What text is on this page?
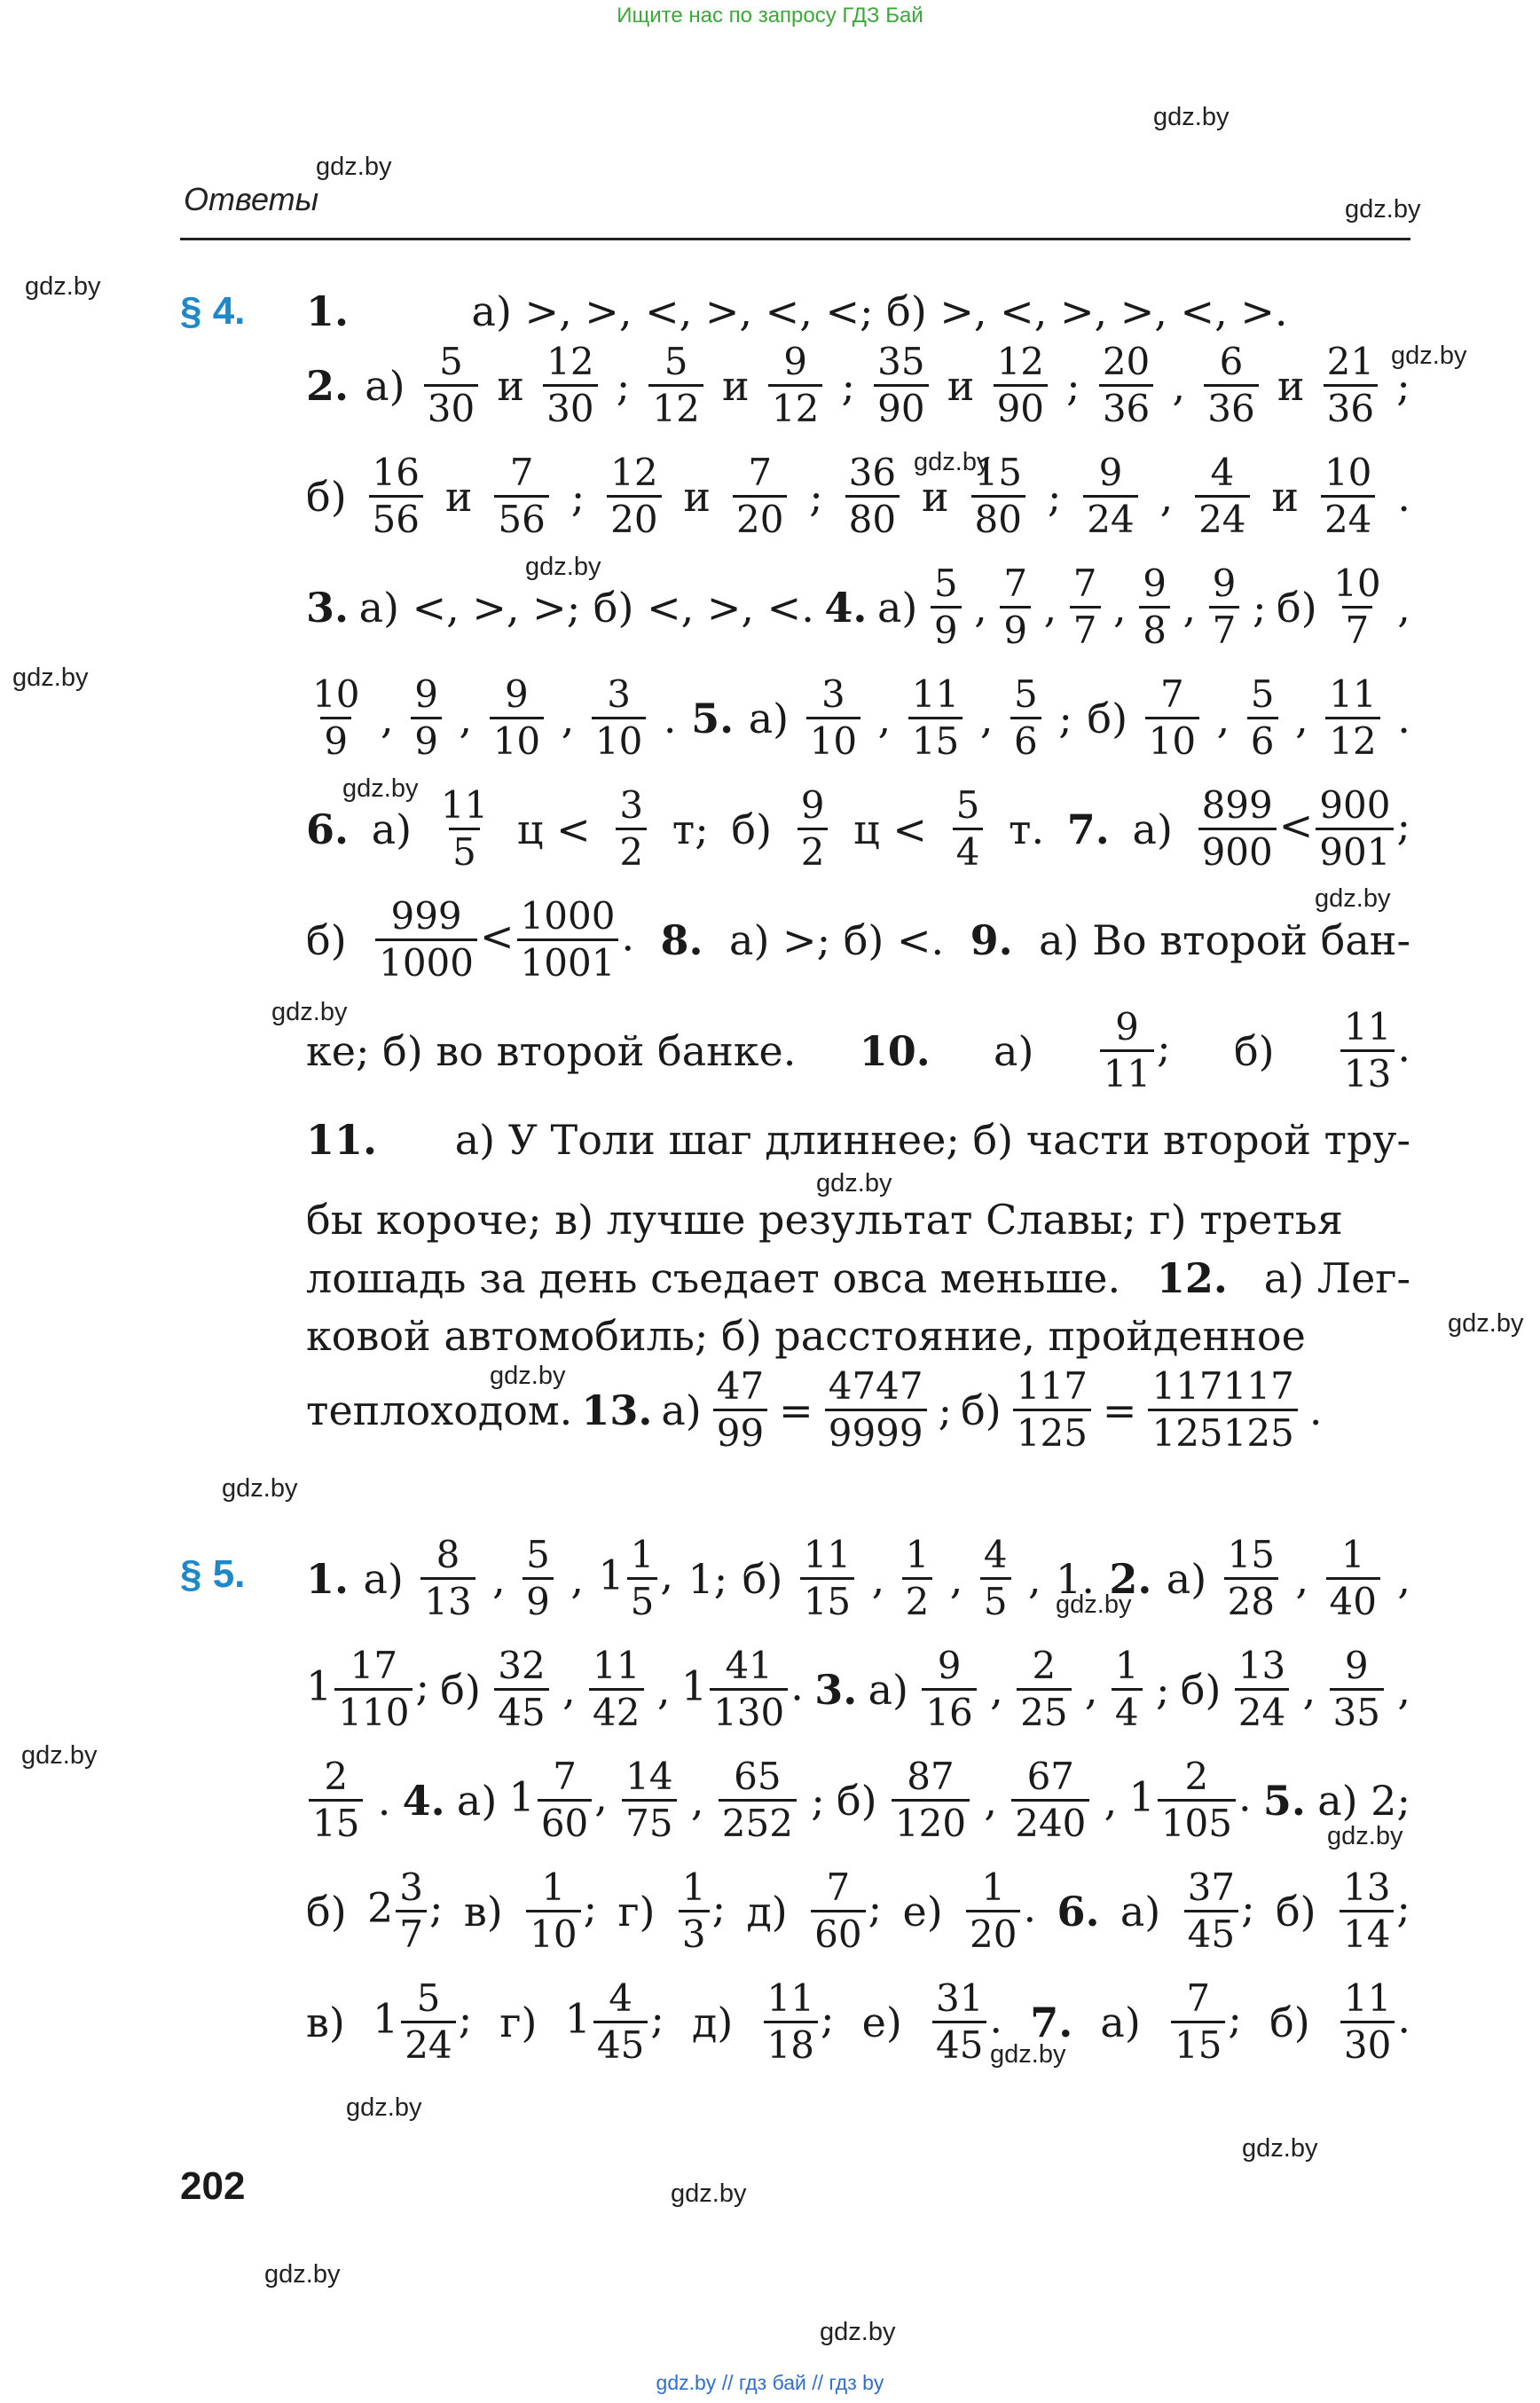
Ищите нас по запросу ГДЗ Бай
gdz.by
gdz.by
gdz.by
gdz.by
gdz.by
gdz.by
gdz.by
gdz.by
gdz.by
gdz.by
gdz.by
gdz.by
gdz.by
gdz.by
gdz.by
gdz.by
gdz.by
gdz.by
gdz.by
gdz.by
gdz.by
gdz.by
gdz.by
gdz.by
Ответы
§ 4. 1.	а) >, >, <, >, <, <; б) >, <, >, >, <, >.
2. $а) \frac{5}{30}$ и $\frac{12}{30}$ ; $\frac{5}{12}$ и $\frac{9}{12}$ ; $\frac{35}{90}$ и $\frac{12}{90}$ ; $\frac{20}{36}$ , $\frac{6}{36}$ и $\frac{21}{36}$ ;
$б) \frac{16}{56}$ и $\frac{7}{56}$ ; $\frac{12}{20}$ и $\frac{7}{20}$ ; $\frac{36}{80}$ и $\frac{15}{80}$ ; $\frac{9}{24}$ , $\frac{4}{24}$ и $\frac{10}{24}$ .
3. а) <, >, >; б) <, >, <. 4. $а) \frac{5}{9}$ , $\frac{7}{9}$ , $\frac{7}{7}$ , $\frac{9}{8}$ , $\frac{9}{7}$ ; $б) \frac{10}{7}$ ,
$\frac{10}{9}$ , $\frac{9}{9}$ , $\frac{9}{10}$ , $\frac{3}{10}$ . 5. $а) \frac{3}{10}$ , $\frac{11}{15}$ , $\frac{5}{6}$ ; $б) \frac{7}{10}$ , $\frac{5}{6}$ , $\frac{11}{12}$ .
6. $а) \frac{11}{5}$ $ц < \frac{3}{2} т$; $б) \frac{9}{2}$ $ц < \frac{5}{4} т$. 7. $а) \frac{899}{900} < \frac{900}{901}$ ;
$б) \frac{999}{1000} < \frac{1000}{1001}$ . 8. а) >; б) <. 9. а) Во второй бан-
ке; б) во второй банке. 10. $а) \frac{9}{11}$ ; $б) \frac{11}{13}$ .
11. а) У Толи шаг длиннее; б) части второй тру-
бы короче; в) лучше результат Славы; г) третья
лошадь за день съедает овса меньше. 12. а) Лег-
ковой автомобиль; б) расстояние, пройденное
теплоходом. 13. $а) \frac{47}{99} = \frac{4747}{9999}$ ; $б) \frac{117}{125} = \frac{117117}{125125}$ .
§ 5. 1. $а) \frac{8}{13}$ , $\frac{5}{9}$ , $1 \frac{1}{5}$ , 1; $б) \frac{11}{15}$ , $\frac{1}{2}$ , $\frac{4}{5}$ , 1. 2. $а) \frac{15}{28}$ , $\frac{1}{40}$ ,
$1 \frac{17}{110}$ ; $б) \frac{32}{45}$ , $\frac{11}{42}$ , $1 \frac{41}{130}$ . 3. $а) \frac{9}{16}$ , $\frac{2}{25}$ , $\frac{1}{4}$ ; $б) \frac{13}{24}$ , $\frac{9}{35}$ ,
$\frac{2}{15}$ . 4. а) $1 \frac{7}{60}$ , $\frac{14}{75}$ , $\frac{65}{252}$ ; $б) \frac{87}{120}$ , $\frac{67}{240}$ , $1 \frac{2}{105}$ . 5. а) 2;
б) $2 \frac{3}{7}$ ; $в) \frac{1}{10}$ ; $г) \frac{1}{3}$ ; $д) \frac{7}{60}$ ; $е) \frac{1}{20}$ . 6. $а) \frac{37}{45}$ ; $б) \frac{13}{14}$ ;
в) $1 \frac{5}{24}$ ; г) $1 \frac{4}{45}$ ; $д) \frac{11}{18}$ ; $е) \frac{31}{45}$ . 7. $а) \frac{7}{15}$ ; $б) \frac{11}{30}$ .
202
gdz.by // гдз бай // гдз by
